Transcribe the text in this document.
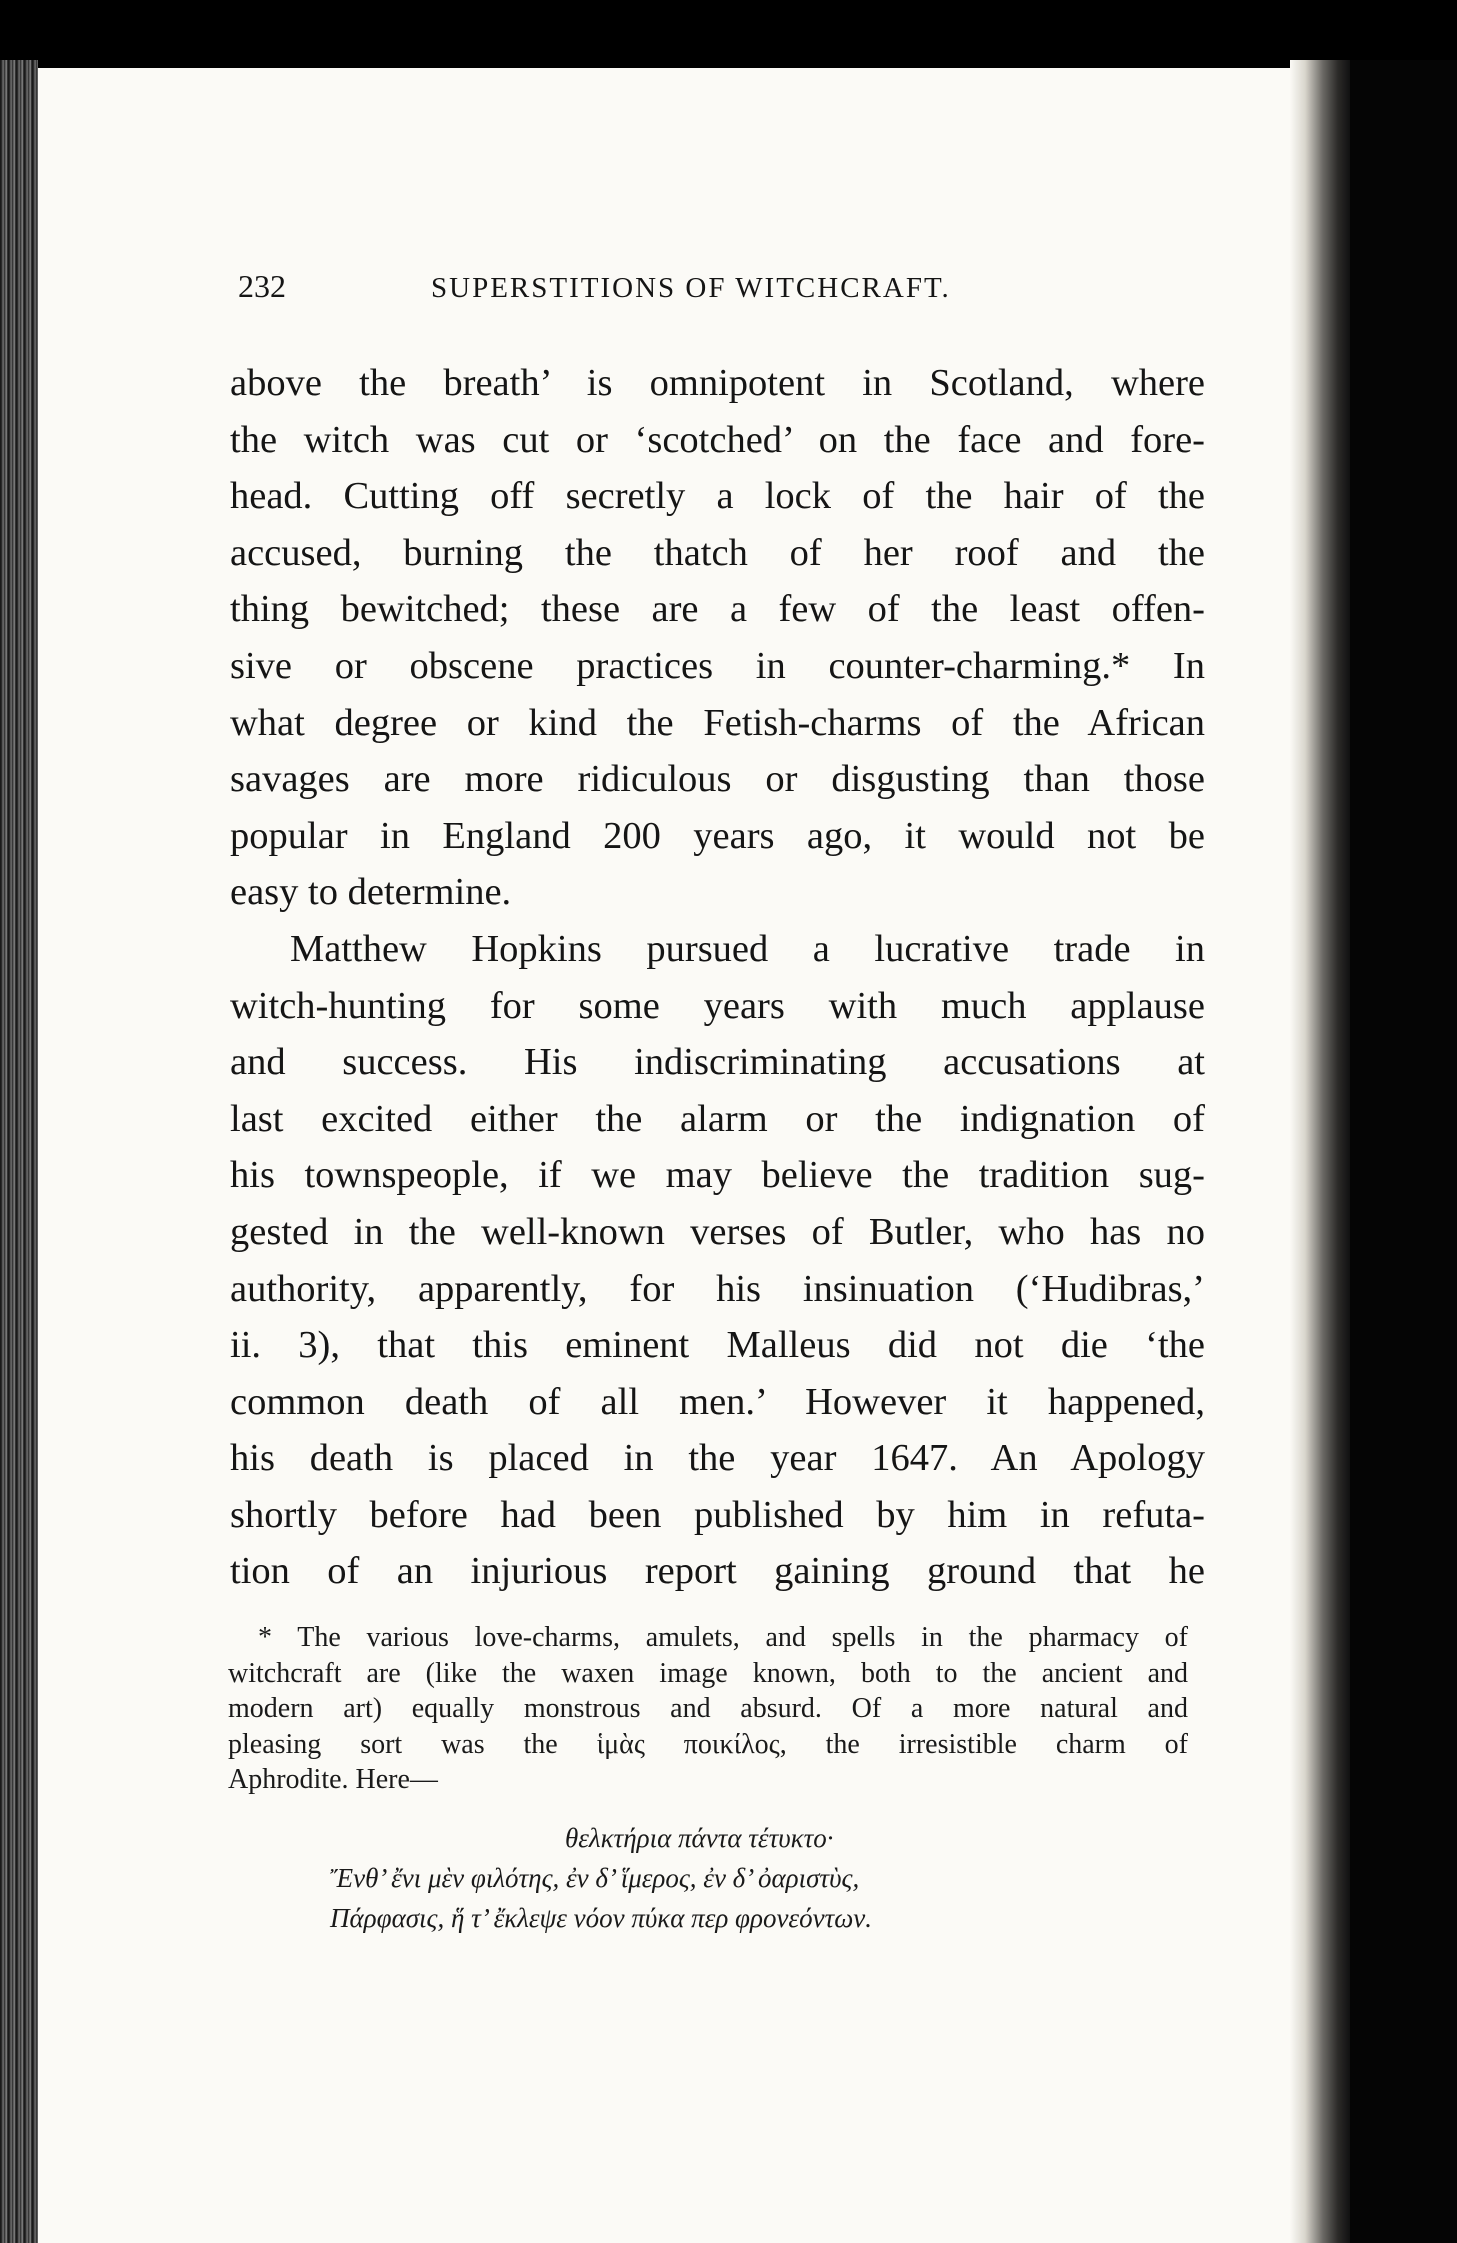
232	SUPERSTITIONS OF WITCHCRAFT.
above the breath’ is omnipotent in Scotland, where
the witch was cut or ‘scotched’ on the face and fore-
head. Cutting off secretly a lock of the hair of the
accused, burning the thatch of her roof and the
thing bewitched; these are a few of the least offen-
sive or obscene practices in counter-charming.* In
what degree or kind the Fetish-charms of the African
savages are more ridiculous or disgusting than those
popular in England 200 years ago, it would not be
easy to determine.
Matthew Hopkins pursued a lucrative trade in
witch-hunting for some years with much applause
and success. His indiscriminating accusations at
last excited either the alarm or the indignation of
his townspeople, if we may believe the tradition sug-
gested in the well-known verses of Butler, who has no
authority, apparently, for his insinuation (‘Hudibras,’
ii. 3), that this eminent Malleus did not die ‘the
common death of all men.’ However it happened,
his death is placed in the year 1647. An Apology
shortly before had been published by him in refuta-
tion of an injurious report gaining ground that he
* The various love-charms, amulets, and spells in the pharmacy of
witchcraft are (like the waxen image known, both to the ancient and
modern art) equally monstrous and absurd. Of a more natural and
pleasing sort was the ἱμὰς ποικίλος, the irresistible charm of
Aphrodite. Here—
θελκτήρια πάντα τέτυκτο·
Ἔνθ’ ἔνι μὲν φιλότης, ἐν δ’ ἵμερος, ἐν δ’ ὀαριστὺς,
Πάρφασις, ἥ τ’ ἔκλεψε νόον πύκα περ φρονεόντων.
